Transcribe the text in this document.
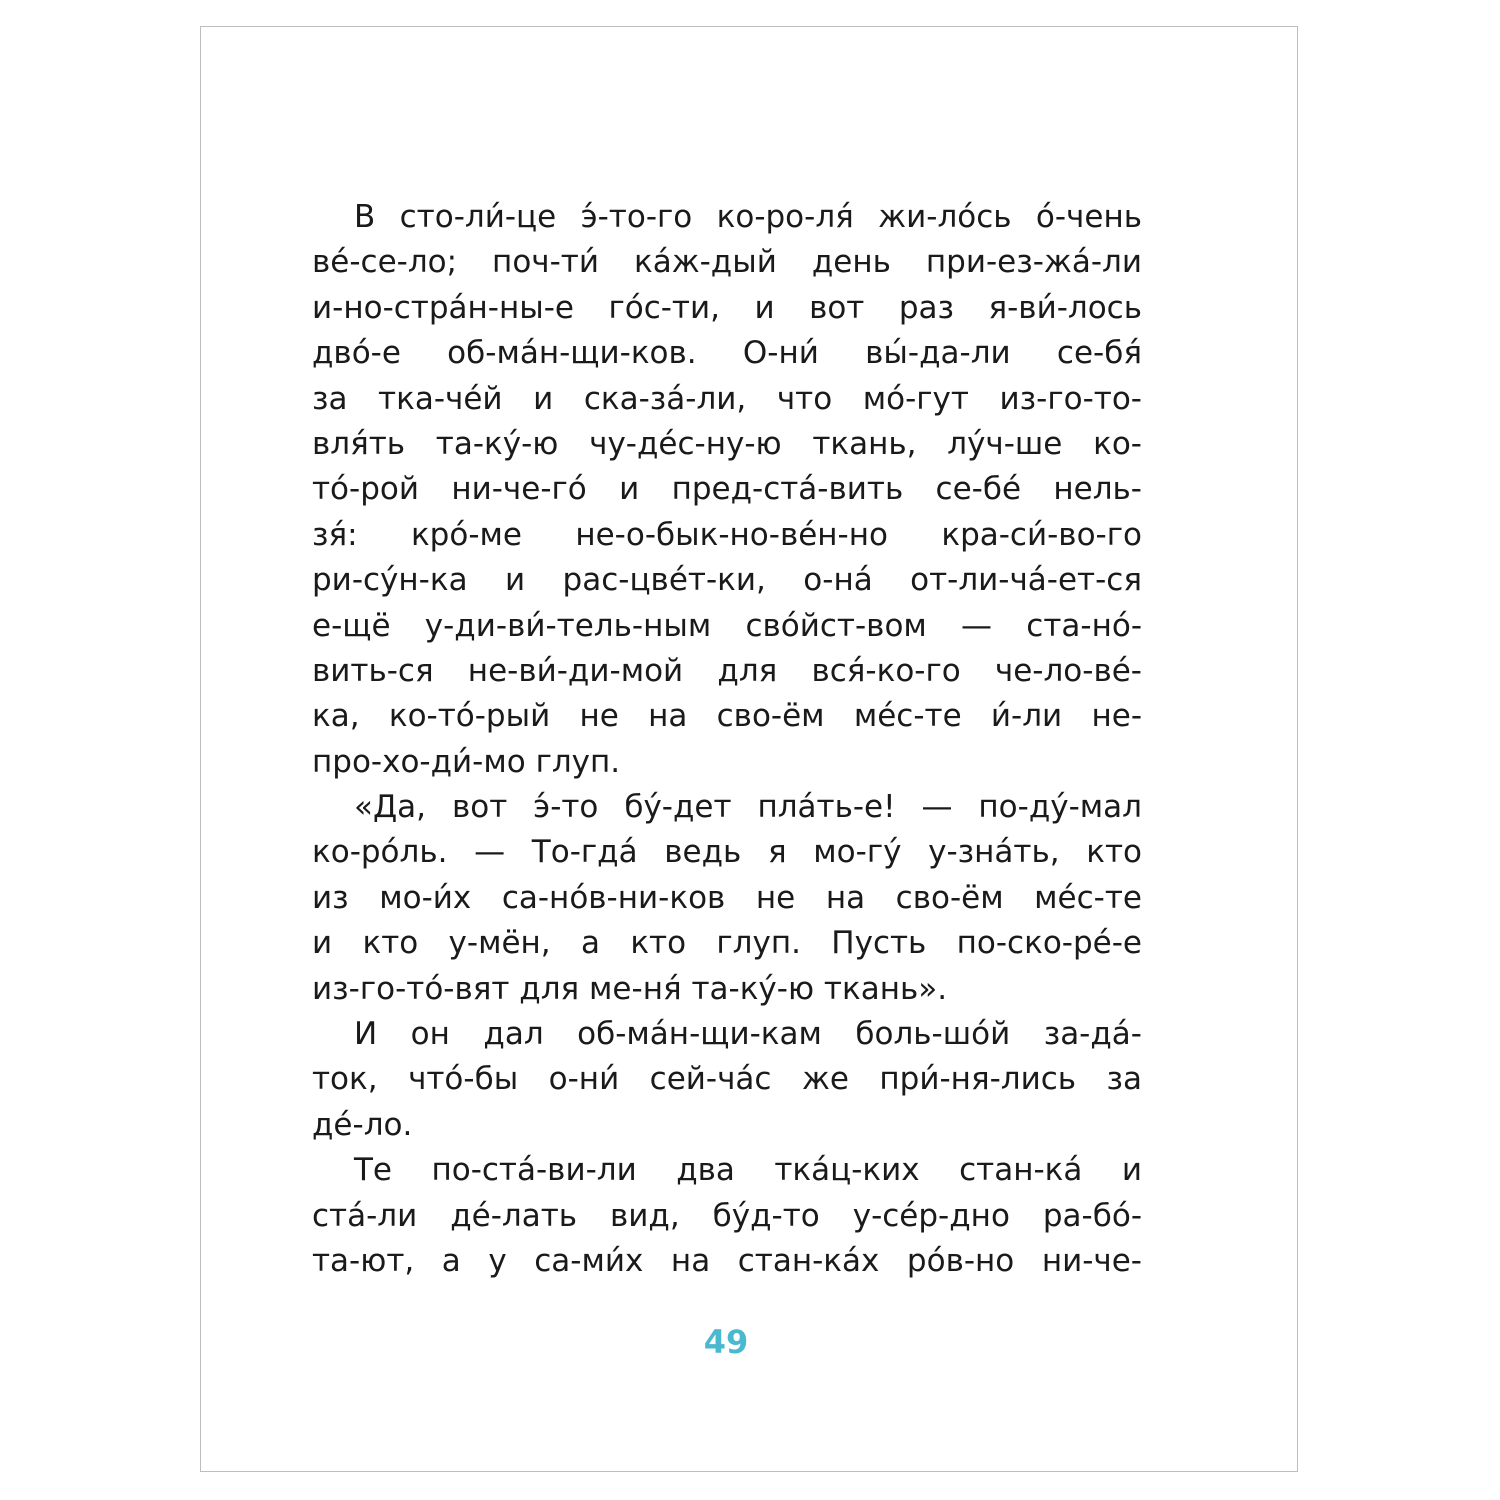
В сто-ли́-це э́-то-го ко-ро-ля́ жи-ло́сь о́-чень
ве́-се-ло; поч-ти́ ка́ж-дый день при-ез-жа́-ли
и-но-стра́н-ны-е го́с-ти, и вот раз я-ви́-лось
дво́-е об-ма́н-щи-ков. О-ни́ вы́-да-ли се-бя́
за тка-че́й и ска-за́-ли, что мо́-гут из-го-то-
вля́ть та-ку́-ю чу-де́с-ну-ю ткань, лу́ч-ше ко-
то́-рой ни-че-го́ и пред-ста́-вить се-бе́ нель-
зя́: кро́-ме не-о-бык-но-ве́н-но кра-си́-во-го
ри-су́н-ка и рас-цве́т-ки, о-на́ от-ли-ча́-ет-ся
е-щё у-ди-ви́-тель-ным сво́йст-вом — ста-но́-
вить-ся не-ви́-ди-мой для вся́-ко-го че-ло-ве́-
ка, ко-то́-рый не на сво-ём ме́с-те и́-ли не-
про-хо-ди́-мо глуп.
«Да, вот э́-то бу́-дет пла́ть-е! — по-ду́-мал
ко-ро́ль. — То-гда́ ведь я мо-гу́ у-зна́ть, кто
из мо-и́х са-но́в-ни-ков не на сво-ём ме́с-те
и кто у-мён, а кто глуп. Пусть по-ско-ре́-е
из-го-то́-вят для ме-ня́ та-ку́-ю ткань».
И он дал об-ма́н-щи-кам боль-шо́й за-да́-
ток, что́-бы о-ни́ сей-ча́с же при́-ня-лись за
де́-ло.
Те по-ста́-ви-ли два тка́ц-ких стан-ка́ и
ста́-ли де́-лать вид, бу́д-то у-се́р-дно ра-бо́-
та-ют, а у са-ми́х на стан-ка́х ро́в-но ни-че-
49
